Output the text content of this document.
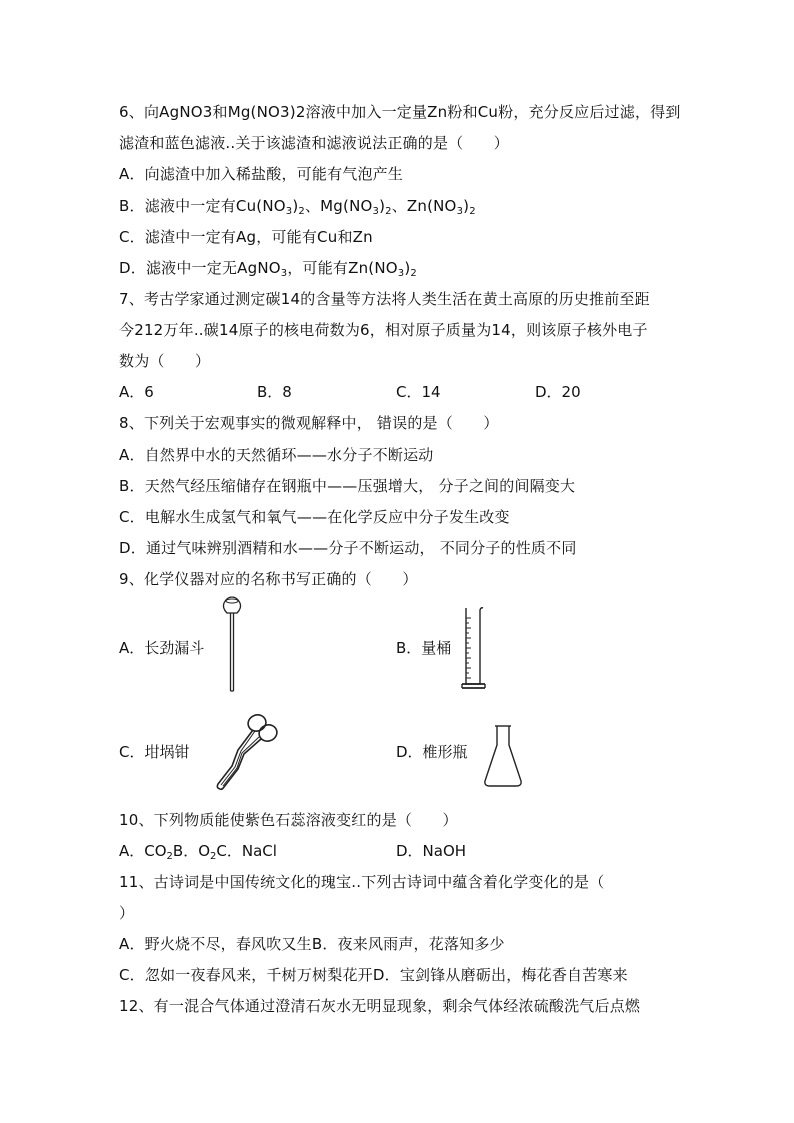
6、向AgNO3和Mg(NO3)2溶液中加入一定量Zn粉和Cu粉，充分反应后过滤，得到
滤渣和蓝色滤液..关于该滤渣和滤液说法正确的是（　　）
A．向滤渣中加入稀盐酸，可能有气泡产生
B．滤液中一定有$Cu(NO_3)_2$、$Mg(NO_3)_2$、$Zn(NO_3)_2$
C．滤渣中一定有Ag，可能有Cu和Zn
D．滤液中一定无AgNO$_3$，可能有$Zn(NO_3)_2$
7、考古学家通过测定碳14的含量等方法将人类生活在黄土高原的历史推前至距
今212万年..碳14原子的核电荷数为6，相对原子质量为14，则该原子核外电子
数为（　　）
A．6	B．8	C．14	D．20
8、下列关于宏观事实的微观解释中， 错误的是（　　）
A．自然界中水的天然循环——水分子不断运动
B．天然气经压缩储存在钢瓶中——压强增大， 分子之间的间隔变大
C．电解水生成氢气和氧气——在化学反应中分子发生改变
D．通过气味辨别酒精和水——分子不断运动， 不同分子的性质不同
9、化学仪器对应的名称书写正确的（　　）
A．长劲漏斗	B．量桶
C．坩埚钳	D．椎形瓶
10、下列物质能使紫色石蕊溶液变红的是（　　）
A．$CO_2B$．$O_2C$．NaCl	D．NaOH
11、古诗词是中国传统文化的瑰宝..下列古诗词中蕴含着化学变化的是（
）
A．野火烧不尽，春风吹又生B．夜来风雨声，花落知多少
C．忽如一夜春风来，千树万树梨花开D．宝剑锋从磨砺出，梅花香自苦寒来
12、有一混合气体通过澄清石灰水无明显现象，剩余气体经浓硫酸洗气后点燃
